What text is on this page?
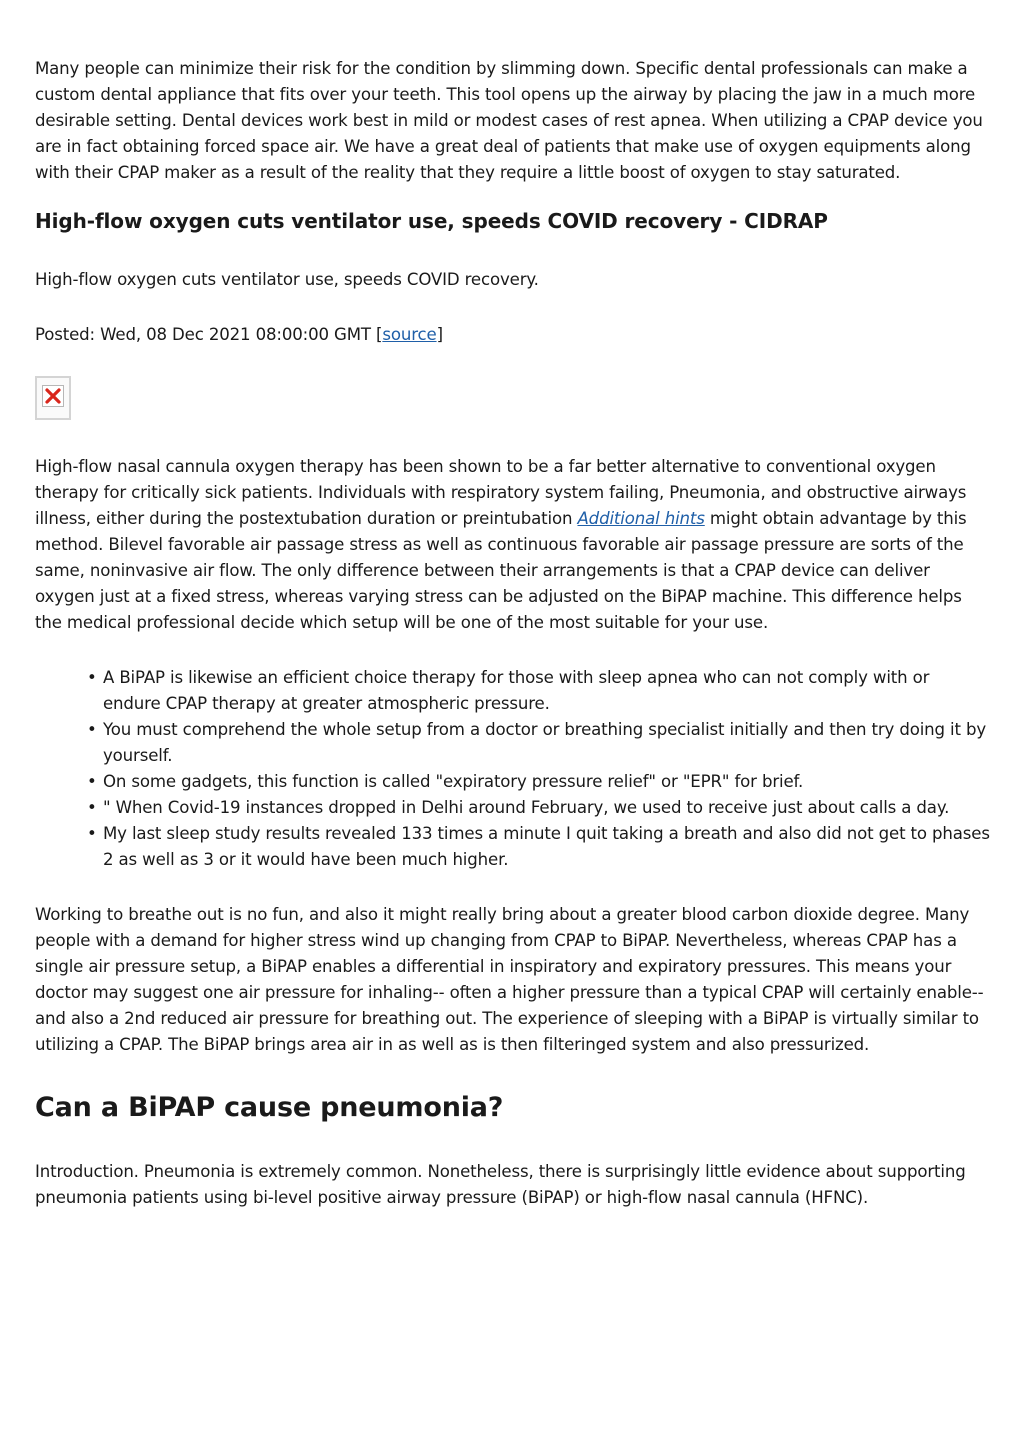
Many people can minimize their risk for the condition by slimming down. Specific dental professionals can make a custom dental appliance that fits over your teeth. This tool opens up the airway by placing the jaw in a much more desirable setting. Dental devices work best in mild or modest cases of rest apnea. When utilizing a CPAP device you are in fact obtaining forced space air. We have a great deal of patients that make use of oxygen equipments along with their CPAP maker as a result of the reality that they require a little boost of oxygen to stay saturated.

High-flow oxygen cuts ventilator use, speeds COVID recovery - CIDRAP

High-flow oxygen cuts ventilator use, speeds COVID recovery.

Posted: Wed, 08 Dec 2021 08:00:00 GMT [source]

High-flow nasal cannula oxygen therapy has been shown to be a far better alternative to conventional oxygen therapy for critically sick patients. Individuals with respiratory system failing, Pneumonia, and obstructive airways illness, either during the postextubation duration or preintubation Additional hints might obtain advantage by this method. Bilevel favorable air passage stress as well as continuous favorable air passage pressure are sorts of the same, noninvasive air flow. The only difference between their arrangements is that a CPAP device can deliver oxygen just at a fixed stress, whereas varying stress can be adjusted on the BiPAP machine. This difference helps the medical professional decide which setup will be one of the most suitable for your use.

• A BiPAP is likewise an efficient choice therapy for those with sleep apnea who can not comply with or endure CPAP therapy at greater atmospheric pressure.
• You must comprehend the whole setup from a doctor or breathing specialist initially and then try doing it by yourself.
• On some gadgets, this function is called "expiratory pressure relief" or "EPR" for brief.
• " When Covid-19 instances dropped in Delhi around February, we used to receive just about calls a day.
• My last sleep study results revealed 133 times a minute I quit taking a breath and also did not get to phases 2 as well as 3 or it would have been much higher.

Working to breathe out is no fun, and also it might really bring about a greater blood carbon dioxide degree. Many people with a demand for higher stress wind up changing from CPAP to BiPAP. Nevertheless, whereas CPAP has a single air pressure setup, a BiPAP enables a differential in inspiratory and expiratory pressures. This means your doctor may suggest one air pressure for inhaling-- often a higher pressure than a typical CPAP will certainly enable-- and also a 2nd reduced air pressure for breathing out. The experience of sleeping with a BiPAP is virtually similar to utilizing a CPAP. The BiPAP brings area air in as well as is then filteringed system and also pressurized.

Can a BiPAP cause pneumonia?

Introduction. Pneumonia is extremely common. Nonetheless, there is surprisingly little evidence about supporting pneumonia patients using bi-level positive airway pressure (BiPAP) or high-flow nasal cannula (HFNC).
